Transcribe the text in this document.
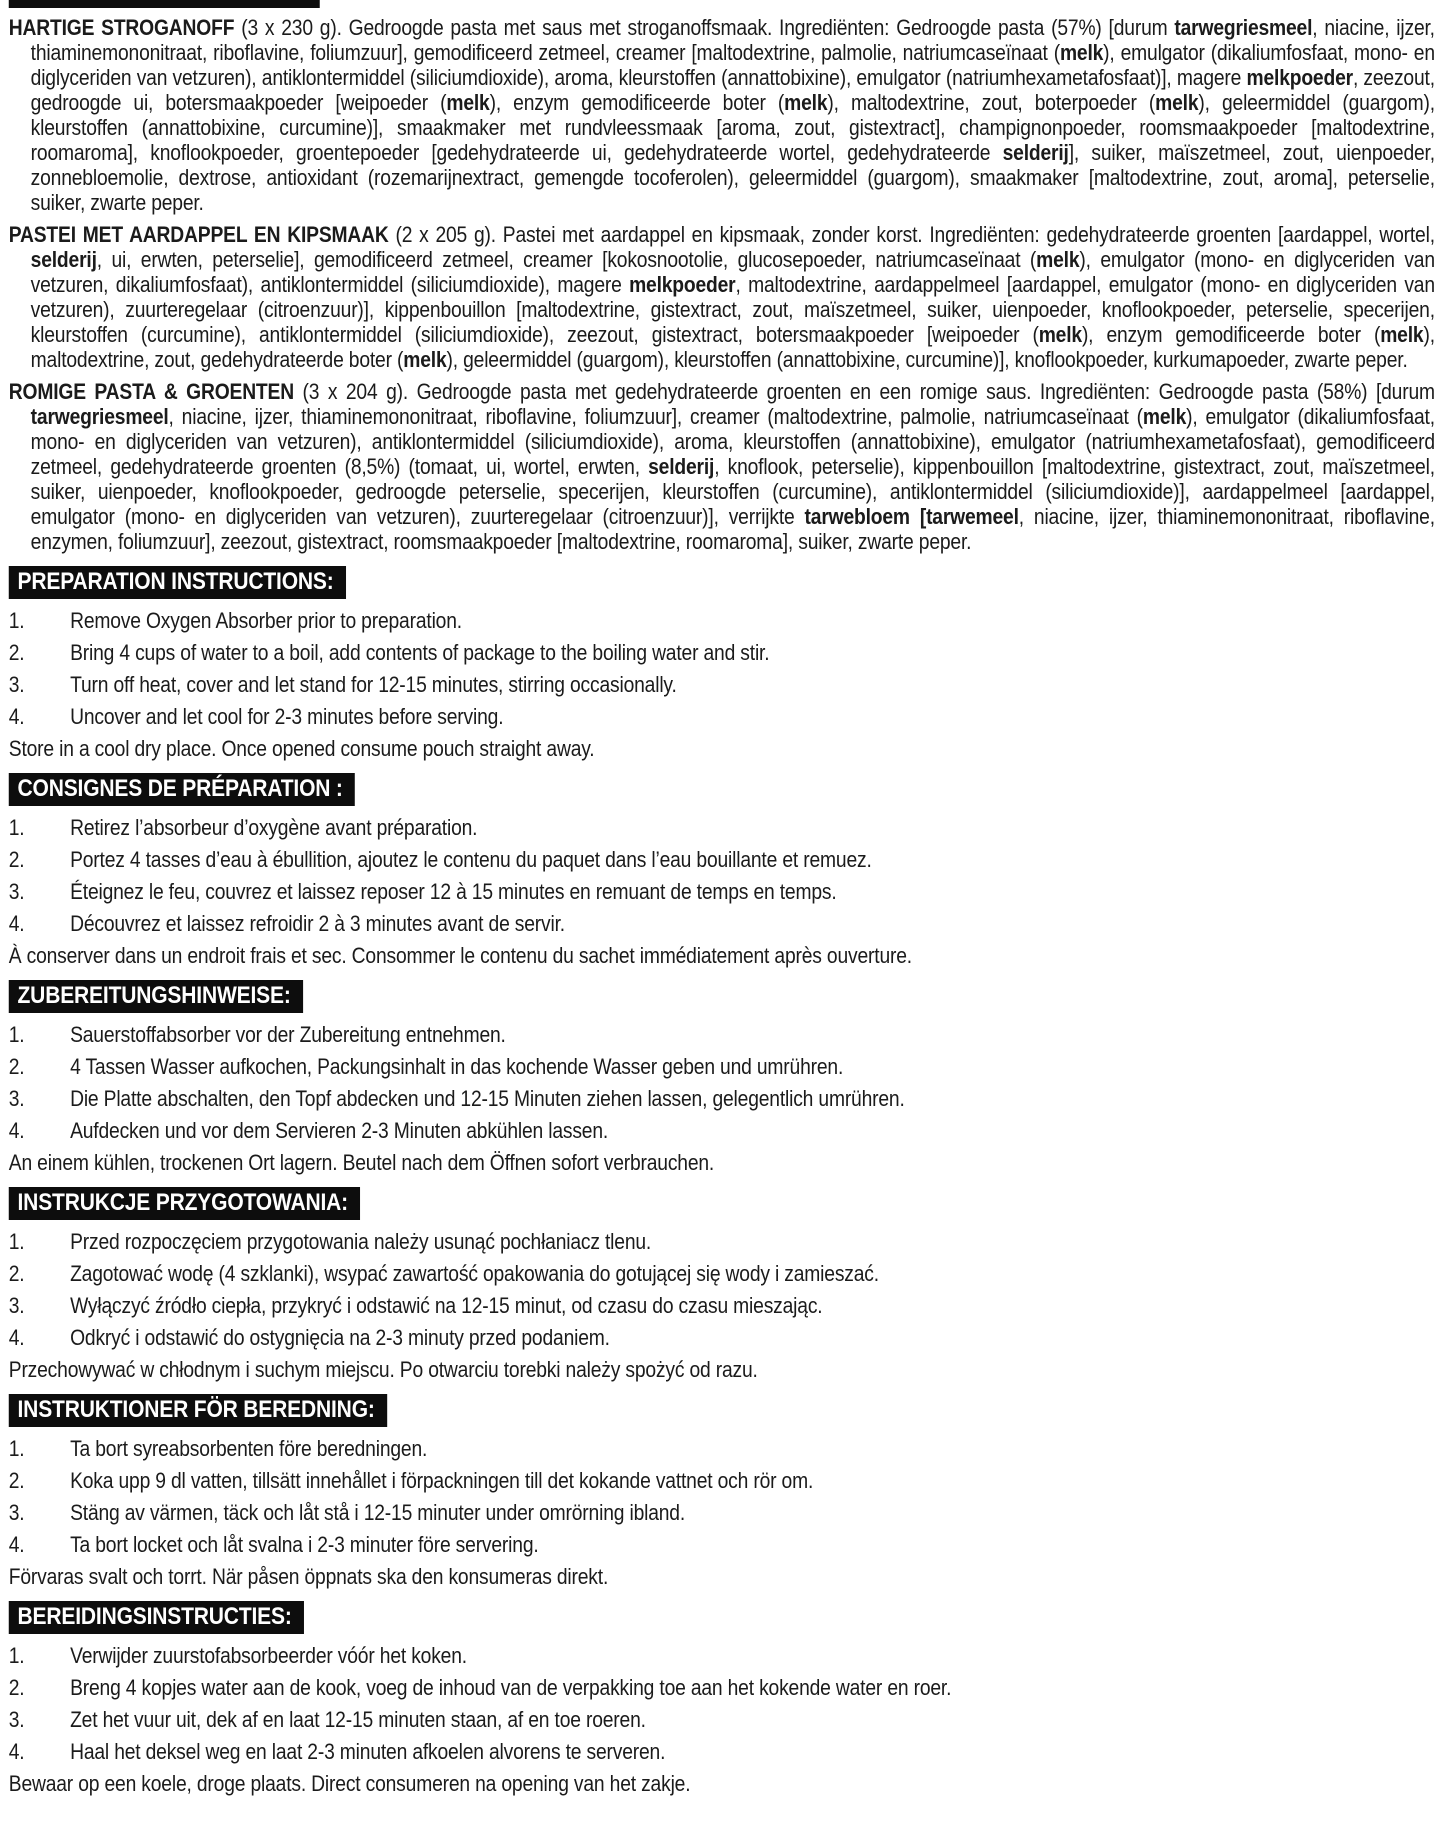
HARTIGE STROGANOFF (3 x 230 g). Gedroogde pasta met saus met stroganoffsmaak. Ingrediënten: Gedroogde pasta (57%) [durum tarwegriesmeel, niacine, ijzer, thiaminemononitraat, riboflavine, foliumzuur], gemodificeerd zetmeel, creamer [maltodextrine, palmolie, natriumcaseïnaat (melk), emulgator (dikaliumfosfaat, mono- en diglyceriden van vetzuren), antiklontermiddel (siliciumdioxide), aroma, kleurstoffen (annattobixine), emulgator (natriumhexametafosfaat)], magere melkpoeder, zeezout, gedroogde ui, botersmaakpoeder [weipoeder (melk), enzym gemodificeerde boter (melk), maltodextrine, zout, boterpoeder (melk), geleermiddel (guargom), kleurstoffen (annattobixine, curcumine)], smaakmaker met rundvleessmaak [aroma, zout, gistextract], champignonpoeder, roomsmaakpoeder [maltodextrine, roomaroma], knoflookpoeder, groentepoeder [gedehydrateerde ui, gedehydrateerde wortel, gedehydrateerde selderij], suiker, maïszetmeel, zout, uienpoeder, zonnebloemolie, dextrose, antioxidant (rozemarijnextract, gemengde tocoferolen), geleermiddel (guargom), smaakmaker [maltodextrine, zout, aroma], peterselie, suiker, zwarte peper.

PASTEI MET AARDAPPEL EN KIPSMAAK (2 x 205 g). Pastei met aardappel en kipsmaak, zonder korst. Ingrediënten: gedehydrateerde groenten [aardappel, wortel, selderij, ui, erwten, peterselie], gemodificeerd zetmeel, creamer [kokosnootolie, glucosepoeder, natriumcaseïnaat (melk), emulgator (mono- en diglyceriden van vetzuren, dikaliumfosfaat), antiklontermiddel (siliciumdioxide), magere melkpoeder, maltodextrine, aardappelmeel [aardappel, emulgator (mono- en diglyceriden van vetzuren), zuurteregelaar (citroenzuur)], kippenbouillon [maltodextrine, gistextract, zout, maïszetmeel, suiker, uienpoeder, knoflookpoeder, peterselie, specerijen, kleurstoffen (curcumine), antiklontermiddel (siliciumdioxide), zeezout, gistextract, botersmaakpoeder [weipoeder (melk), enzym gemodificeerde boter (melk), maltodextrine, zout, gedehydrateerde boter (melk), geleermiddel (guargom), kleurstoffen (annattobixine, curcumine)], knoflookpoeder, kurkumapoeder, zwarte peper.

ROMIGE PASTA & GROENTEN (3 x 204 g). Gedroogde pasta met gedehydrateerde groenten en een romige saus. Ingrediënten: Gedroogde pasta (58%) [durum tarwegriesmeel, niacine, ijzer, thiaminemononitraat, riboflavine, foliumzuur], creamer (maltodextrine, palmolie, natriumcaseïnaat (melk), emulgator (dikaliumfosfaat, mono- en diglyceriden van vetzuren), antiklontermiddel (siliciumdioxide), aroma, kleurstoffen (annattobixine), emulgator (natriumhexametafosfaat), gemodificeerd zetmeel, gedehydrateerde groenten (8,5%) (tomaat, ui, wortel, erwten, selderij, knoflook, peterselie), kippenbouillon [maltodextrine, gistextract, zout, maïszetmeel, suiker, uienpoeder, knoflookpoeder, gedroogde peterselie, specerijen, kleurstoffen (curcumine), antiklontermiddel (siliciumdioxide)], aardappelmeel [aardappel, emulgator (mono- en diglyceriden van vetzuren), zuurteregelaar (citroenzuur)], verrijkte tarwebloem [tarwemeel, niacine, ijzer, thiaminemononitraat, riboflavine, enzymen, foliumzuur], zeezout, gistextract, roomsmaakpoeder [maltodextrine, roomaroma], suiker, zwarte peper.

PREPARATION INSTRUCTIONS:
1.	Remove Oxygen Absorber prior to preparation.
2.	Bring 4 cups of water to a boil, add contents of package to the boiling water and stir.
3.	Turn off heat, cover and let stand for 12-15 minutes, stirring occasionally.
4.	Uncover and let cool for 2-3 minutes before serving.
Store in a cool dry place. Once opened consume pouch straight away.
CONSIGNES DE PRÉPARATION :
1.	Retirez l’absorbeur d’oxygène avant préparation.
2.	Portez 4 tasses d’eau à ébullition, ajoutez le contenu du paquet dans l’eau bouillante et remuez.
3.	Éteignez le feu, couvrez et laissez reposer 12 à 15 minutes en remuant de temps en temps.
4.	Découvrez et laissez refroidir 2 à 3 minutes avant de servir.
À conserver dans un endroit frais et sec. Consommer le contenu du sachet immédiatement après ouverture.
ZUBEREITUNGSHINWEISE:
1.	Sauerstoffabsorber vor der Zubereitung entnehmen.
2.	4 Tassen Wasser aufkochen, Packungsinhalt in das kochende Wasser geben und umrühren.
3.	Die Platte abschalten, den Topf abdecken und 12-15 Minuten ziehen lassen, gelegentlich umrühren.
4.	Aufdecken und vor dem Servieren 2-3 Minuten abkühlen lassen.
An einem kühlen, trockenen Ort lagern. Beutel nach dem Öffnen sofort verbrauchen.
INSTRUKCJE PRZYGOTOWANIA:
1.	Przed rozpoczęciem przygotowania należy usunąć pochłaniacz tlenu.
2.	Zagotować wodę (4 szklanki), wsypać zawartość opakowania do gotującej się wody i zamieszać.
3.	Wyłączyć źródło ciepła, przykryć i odstawić na 12-15 minut, od czasu do czasu mieszając.
4.	Odkryć i odstawić do ostygnięcia na 2-3 minuty przed podaniem.
Przechowywać w chłodnym i suchym miejscu. Po otwarciu torebki należy spożyć od razu.
INSTRUKTIONER FÖR BEREDNING:
1.	Ta bort syreabsorbenten före beredningen.
2.	Koka upp 9 dl vatten, tillsätt innehållet i förpackningen till det kokande vattnet och rör om.
3.	Stäng av värmen, täck och låt stå i 12-15 minuter under omrörning ibland.
4.	Ta bort locket och låt svalna i 2-3 minuter före servering.
Förvaras svalt och torrt. När påsen öppnats ska den konsumeras direkt.
BEREIDINGSINSTRUCTIES:
1.	Verwijder zuurstofabsorbeerder vóór het koken.
2.	Breng 4 kopjes water aan de kook, voeg de inhoud van de verpakking toe aan het kokende water en roer.
3.	Zet het vuur uit, dek af en laat 12-15 minuten staan, af en toe roeren.
4.	Haal het deksel weg en laat 2-3 minuten afkoelen alvorens te serveren.
Bewaar op een koele, droge plaats. Direct consumeren na opening van het zakje.
